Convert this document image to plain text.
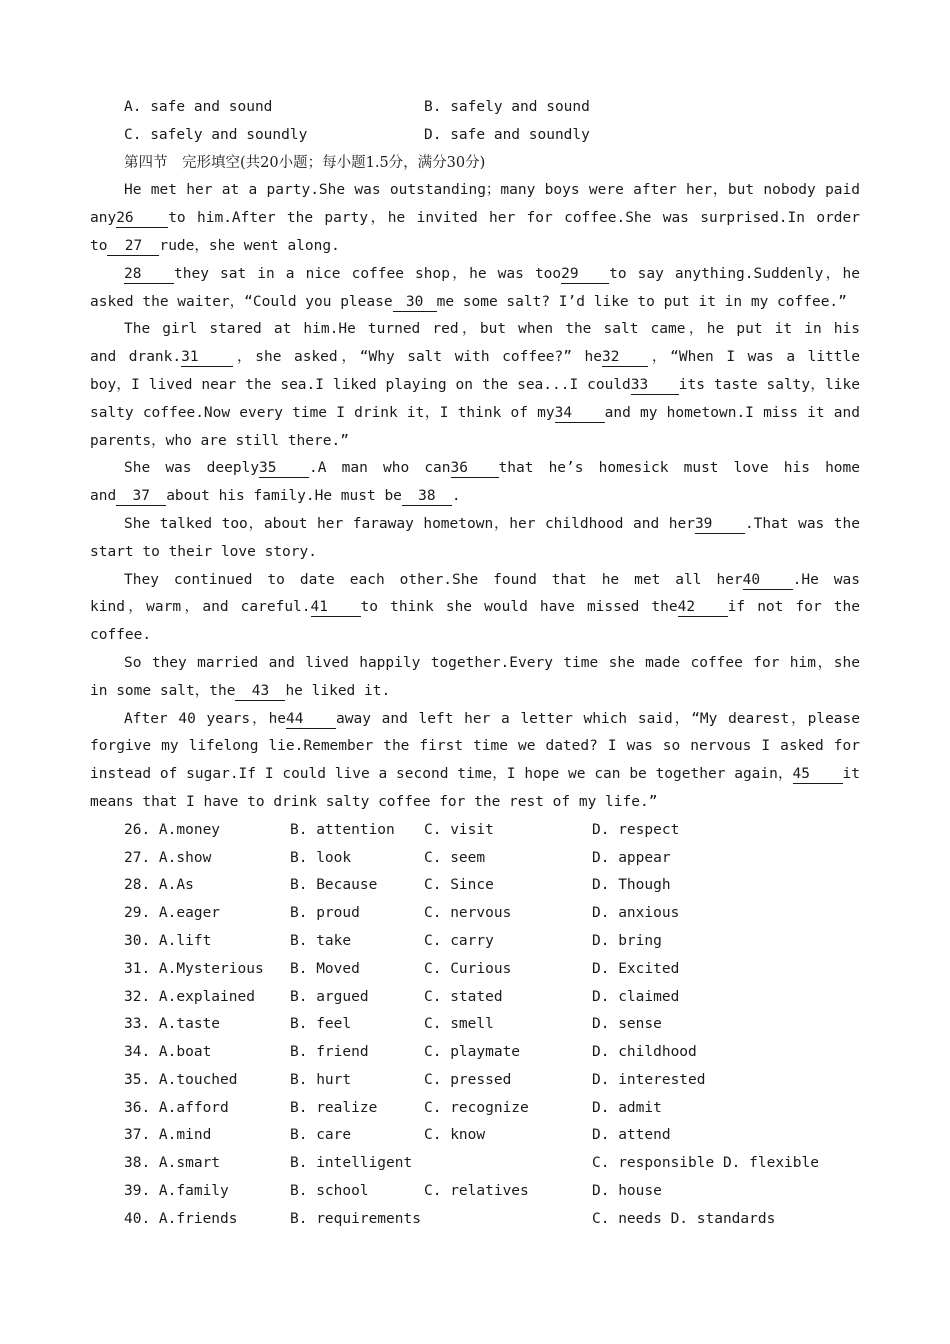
A. safe and sound	B. safely and sound
C. safely and soundly	D. safe and soundly
第四节　完形填空(共20小题；每小题1.5分，满分30分)
He met her at a party.She was outstanding；many boys were after her，but nobody paid
any26 to him.After the party，he invited her for coffee.She was surprised.In order
to 27 rude，she went along.
28 they sat in a nice coffee shop，he was too29 to say anything.Suddenly，he
asked the waiter，“Could you please 30 me some salt? I’d like to put it in my coffee.”
The girl stared at him.He turned red，but when the salt came，he put it in his
and drank.31 ，she asked，“Why salt with coffee?” he32 ，“When I was a little
boy，I lived near the sea.I liked playing on the sea...I could33 its taste salty，like
salty coffee.Now every time I drink it，I think of my34 and my hometown.I miss it and
parents，who are still there.”
She was deeply35 .A man who can36 that he’s homesick must love his home
and 37 about his family.He must be 38 .
She talked too，about her faraway hometown，her childhood and her39 .That was the
start to their love story.
They continued to date each other.She found that he met all her40 .He was
kind，warm，and careful.41 to think she would have missed the42 if not for the
coffee.
So they married and lived happily together.Every time she made coffee for him，she
in some salt，the 43 he liked it.
After 40 years，he44 away and left her a letter which said，“My dearest，please
forgive my lifelong lie.Remember the first time we dated? I was so nervous I asked for
instead of sugar.If I could live a second time，I hope we can be together again，45 it
means that I have to drink salty coffee for the rest of my life.”
26. A.money	B. attention C. visit	D. respect
27. A.show	B. look	C. seem	D. appear
28. A.As	B. Because	C. Since	D. Though
29. A.eager	B. proud	C. nervous	D. anxious
30. A.lift	B. take	C. carry	D. bring
31. A.Mysterious B. Moved	C. Curious	D. Excited
32. A.explained B. argued	C. stated	D. claimed
33. A.taste	B. feel	C. smell	D. sense
34. A.boat	B. friend	C. playmate	D. childhood
35. A.touched	B. hurt	C. pressed	D. interested
36. A.afford	B. realize	C. recognize	D. admit
37. A.mind	B. care	C. know	D. attend
38. A.smart	B. intelligent	C. responsible D. flexible
39. A.family	B. school	C. relatives	D. house
40. A.friends	B. requirements	C. needs D. standards
